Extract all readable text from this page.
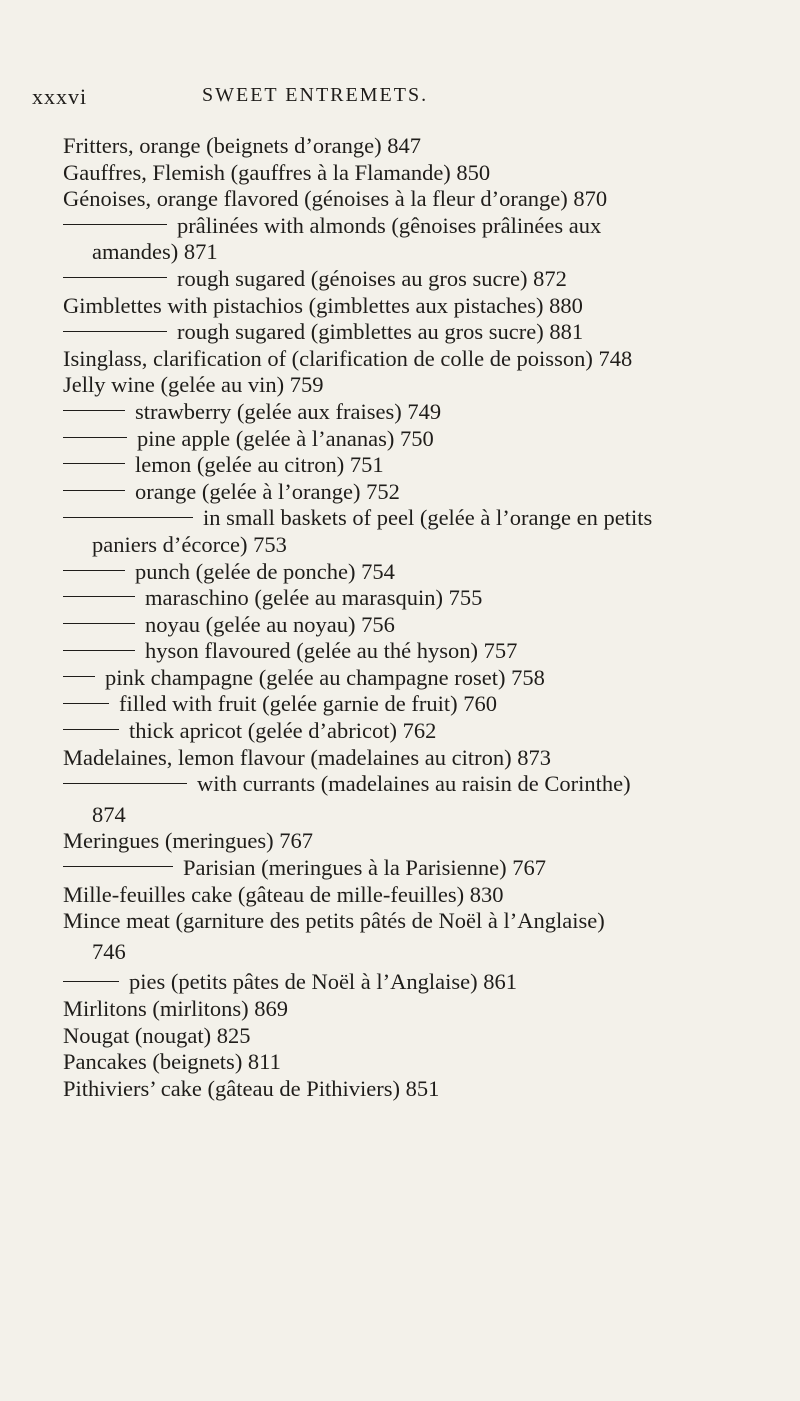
xxxvi	SWEET ENTREMETS.
Fritters, orange (beignets d’orange) 847
Gauffres, Flemish (gauffres à la Flamande) 850
Génoises, orange flavored (génoises à la fleur d’orange) 870
prâlinées with almonds (gênoises prâlinées aux
amandes) 871
rough sugared (génoises au gros sucre) 872
Gimblettes with pistachios (gimblettes aux pistaches) 880
rough sugared (gimblettes au gros sucre) 881
Isinglass, clarification of (clarification de colle de poisson) 748
Jelly wine (gelée au vin) 759
strawberry (gelée aux fraises) 749
pine apple (gelée à l’ananas) 750
lemon (gelée au citron) 751
orange (gelée à l’orange) 752
in small baskets of peel (gelée à l’orange en petits
paniers d’écorce) 753
punch (gelée de ponche) 754
maraschino (gelée au marasquin) 755
noyau (gelée au noyau) 756
hyson flavoured (gelée au thé hyson) 757
pink champagne (gelée au champagne roset) 758
filled with fruit (gelée garnie de fruit) 760
thick apricot (gelée d’abricot) 762
Madelaines, lemon flavour (madelaines au citron) 873
with currants (madelaines au raisin de Corinthe)
874
Meringues (meringues) 767
Parisian (meringues à la Parisienne) 767
Mille-feuilles cake (gâteau de mille-feuilles) 830
Mince meat (garniture des petits pâtés de Noël à l’Anglaise)
746
pies (petits pâtes de Noël à l’Anglaise) 861
Mirlitons (mirlitons) 869
Nougat (nougat) 825
Pancakes (beignets) 811
Pithiviers’ cake (gâteau de Pithiviers) 851
